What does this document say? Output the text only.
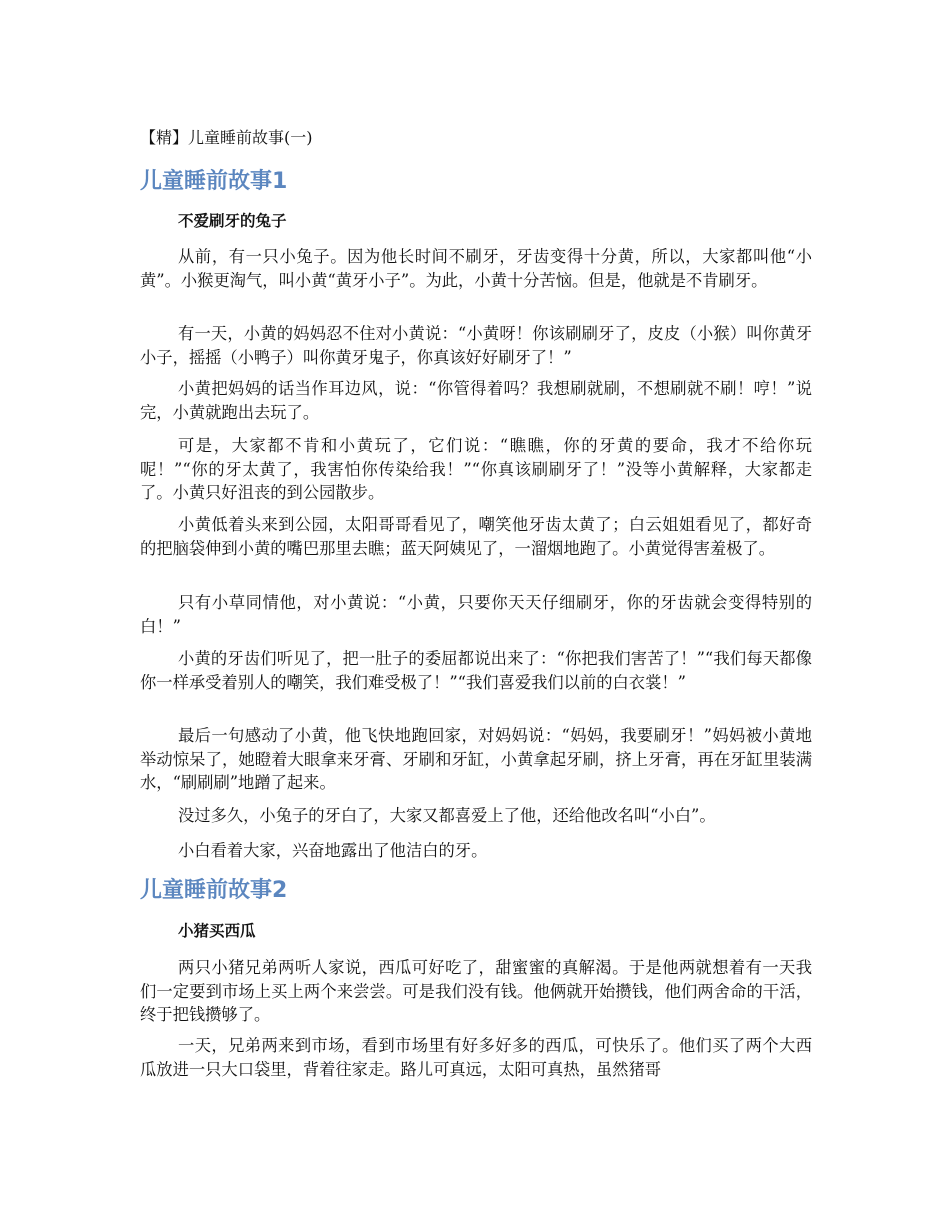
【精】儿童睡前故事(一)
儿童睡前故事1
不爱刷牙的兔子

从前，有一只小兔子。因为他长时间不刷牙，牙齿变得十分黄，所以，大家都叫他“小黄”。小猴更淘气，叫小黄“黄牙小子”。为此，小黄十分苦恼。但是，他就是不肯刷牙。

有一天，小黄的妈妈忍不住对小黄说：“小黄呀！你该刷刷牙了，皮皮（小猴）叫你黄牙小子，摇摇（小鸭子）叫你黄牙鬼子，你真该好好刷牙了！”

小黄把妈妈的话当作耳边风，说：“你管得着吗？我想刷就刷，不想刷就不刷！哼！”说完，小黄就跑出去玩了。

可是，大家都不肯和小黄玩了，它们说：“瞧瞧，你的牙黄的要命，我才不给你玩呢！”“你的牙太黄了，我害怕你传染给我！”“你真该刷刷牙了！”没等小黄解释，大家都走了。小黄只好沮丧的到公园散步。

小黄低着头来到公园，太阳哥哥看见了，嘲笑他牙齿太黄了；白云姐姐看见了，都好奇的把脑袋伸到小黄的嘴巴那里去瞧；蓝天阿姨见了，一溜烟地跑了。小黄觉得害羞极了。

只有小草同情他，对小黄说：“小黄，只要你天天仔细刷牙，你的牙齿就会变得特别的白！”

小黄的牙齿们听见了，把一肚子的委屈都说出来了：“你把我们害苦了！”“我们每天都像你一样承受着别人的嘲笑，我们难受极了！”“我们喜爱我们以前的白衣裳！”

最后一句感动了小黄，他飞快地跑回家，对妈妈说：“妈妈，我要刷牙！”妈妈被小黄地举动惊呆了，她瞪着大眼拿来牙膏、牙刷和牙缸，小黄拿起牙刷，挤上牙膏，再在牙缸里装满水，“刷刷刷”地蹭了起来。

没过多久，小兔子的牙白了，大家又都喜爱上了他，还给他改名叫“小白”。

小白看着大家，兴奋地露出了他洁白的牙。

儿童睡前故事2
小猪买西瓜

两只小猪兄弟两听人家说，西瓜可好吃了，甜蜜蜜的真解渴。于是他两就想着有一天我们一定要到市场上买上两个来尝尝。可是我们没有钱。他俩就开始攒钱，他们两舍命的干活，终于把钱攒够了。

一天，兄弟两来到市场，看到市场里有好多好多的西瓜，可快乐了。他们买了两个大西瓜放进一只大口袋里，背着往家走。路儿可真远，太阳可真热，虽然猪哥
